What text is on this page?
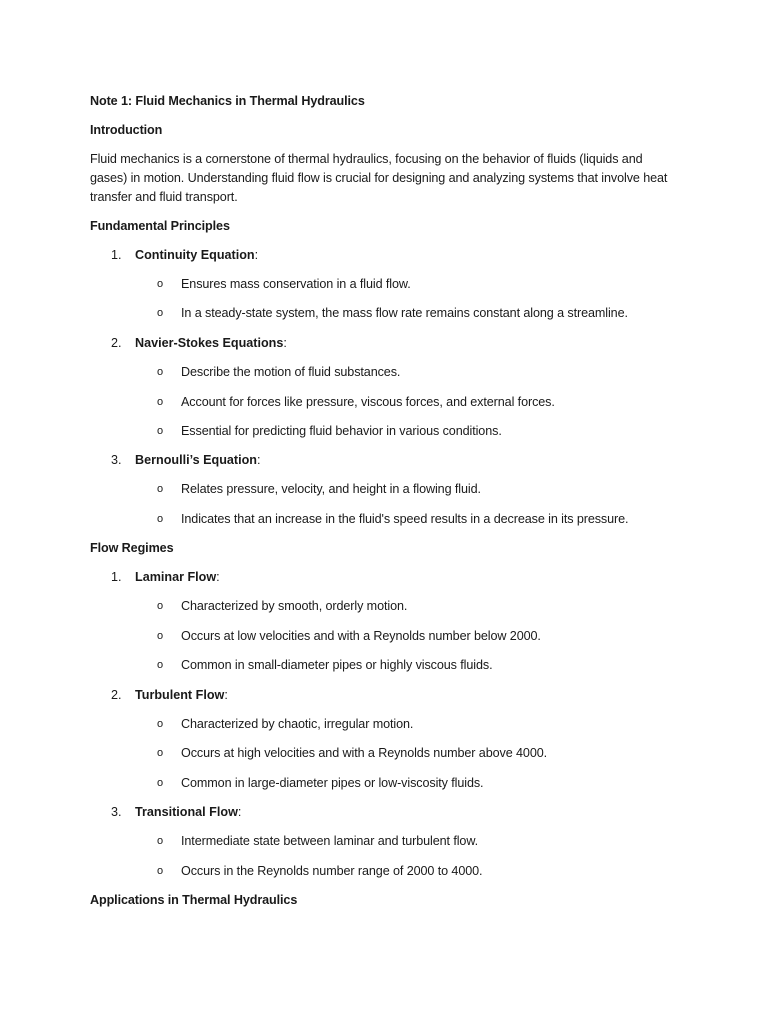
Note 1: Fluid Mechanics in Thermal Hydraulics
Introduction
Fluid mechanics is a cornerstone of thermal hydraulics, focusing on the behavior of fluids (liquids and gases) in motion. Understanding fluid flow is crucial for designing and analyzing systems that involve heat transfer and fluid transport.
Fundamental Principles
1. Continuity Equation:
o Ensures mass conservation in a fluid flow.
o In a steady-state system, the mass flow rate remains constant along a streamline.
2. Navier-Stokes Equations:
o Describe the motion of fluid substances.
o Account for forces like pressure, viscous forces, and external forces.
o Essential for predicting fluid behavior in various conditions.
3. Bernoulli’s Equation:
o Relates pressure, velocity, and height in a flowing fluid.
o Indicates that an increase in the fluid's speed results in a decrease in its pressure.
Flow Regimes
1. Laminar Flow:
o Characterized by smooth, orderly motion.
o Occurs at low velocities and with a Reynolds number below 2000.
o Common in small-diameter pipes or highly viscous fluids.
2. Turbulent Flow:
o Characterized by chaotic, irregular motion.
o Occurs at high velocities and with a Reynolds number above 4000.
o Common in large-diameter pipes or low-viscosity fluids.
3. Transitional Flow:
o Intermediate state between laminar and turbulent flow.
o Occurs in the Reynolds number range of 2000 to 4000.
Applications in Thermal Hydraulics
